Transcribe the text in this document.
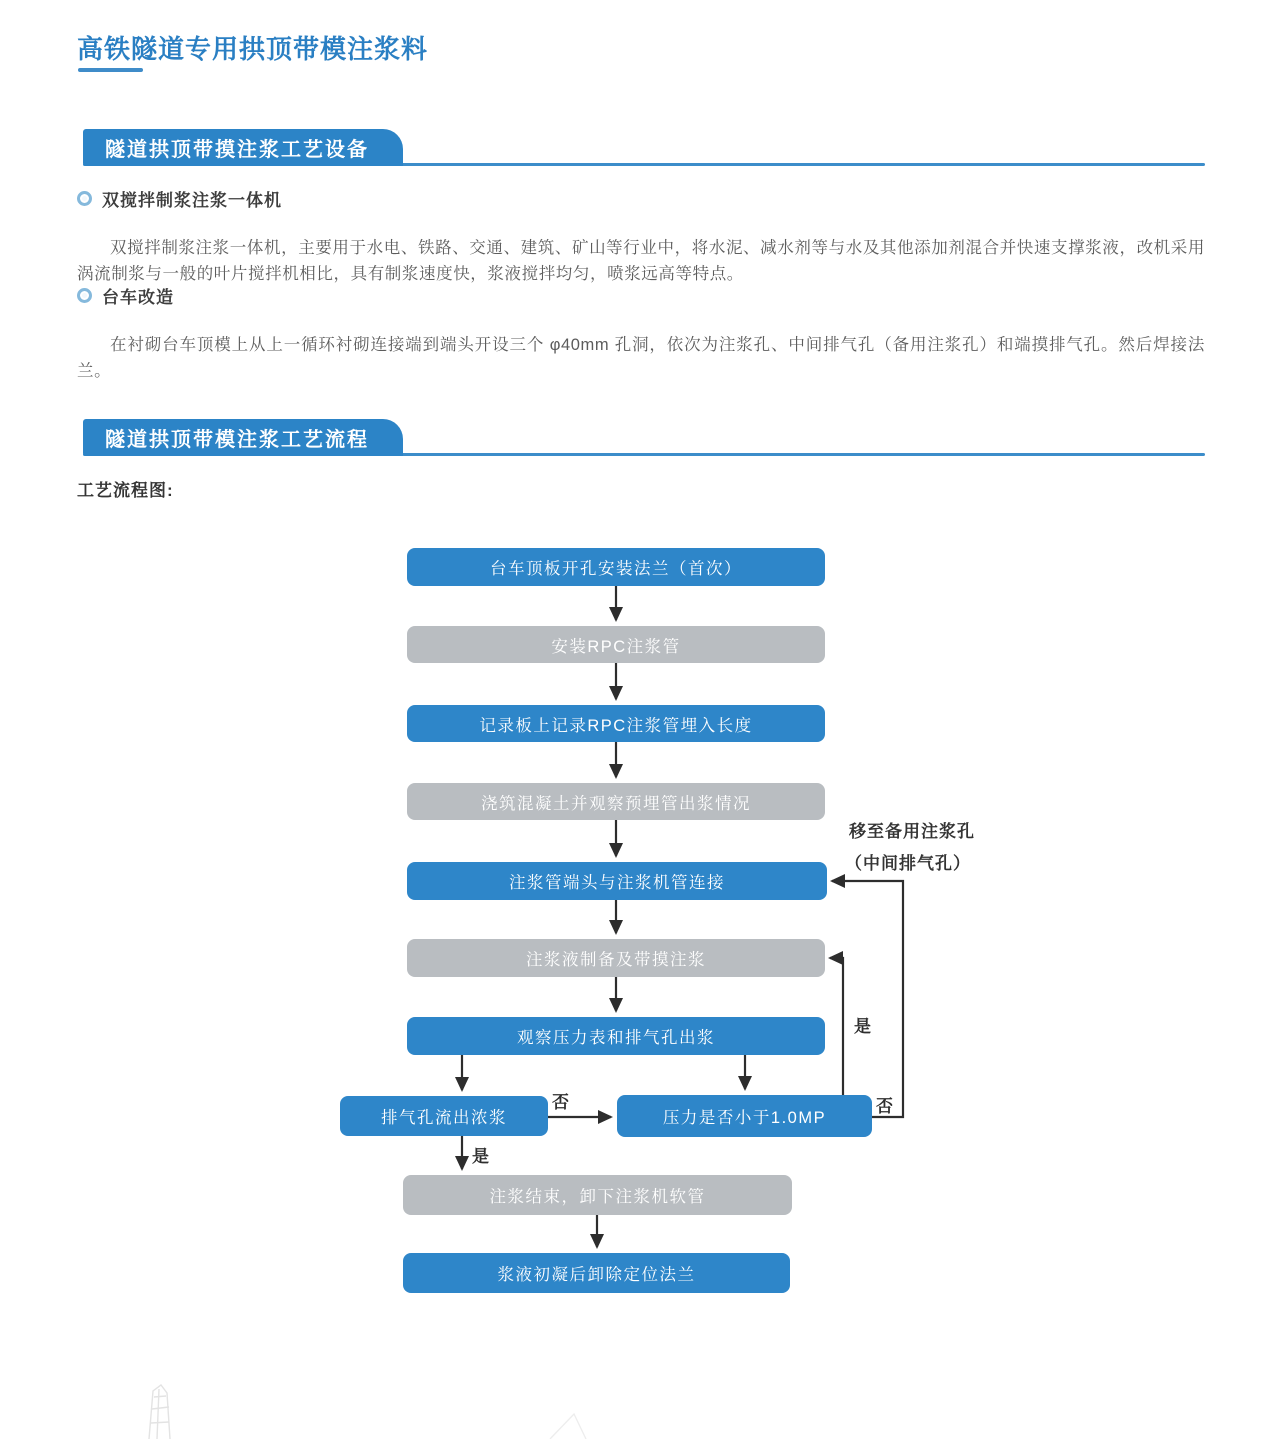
高铁隧道专用拱顶带模注浆料
隧道拱顶带摸注浆工艺设备
双搅拌制浆注浆一体机

双搅拌制浆注浆一体机，主要用于水电、铁路、交通、建筑、矿山等行业中，将水泥、减水剂等与水及其他添加剂混合并快速支撑浆液，改机采用涡流制浆与一般的叶片搅拌机相比，具有制浆速度快，浆液搅拌均匀，喷浆远高等特点。

台车改造

在衬砌台车顶模上从上一循环衬砌连接端到端头开设三个 φ40mm 孔洞，依次为注浆孔、中间排气孔（备用注浆孔）和端摸排气孔。然后焊接法兰。

隧道拱顶带模注浆工艺流程
工艺流程图:
台车顶板开孔安装法兰（首次）
安装RPC注浆管
记录板上记录RPC注浆管埋入长度
浇筑混凝土并观察预埋管出浆情况
注浆管端头与注浆机管连接
注浆液制备及带摸注浆
观察压力表和排气孔出浆
排气孔流出浓浆	压力是否小于1.0MP
注浆结束，卸下注浆机软管
浆液初凝后卸除定位法兰
否
是
是
否
移至备用注浆孔
（中间排气孔）
